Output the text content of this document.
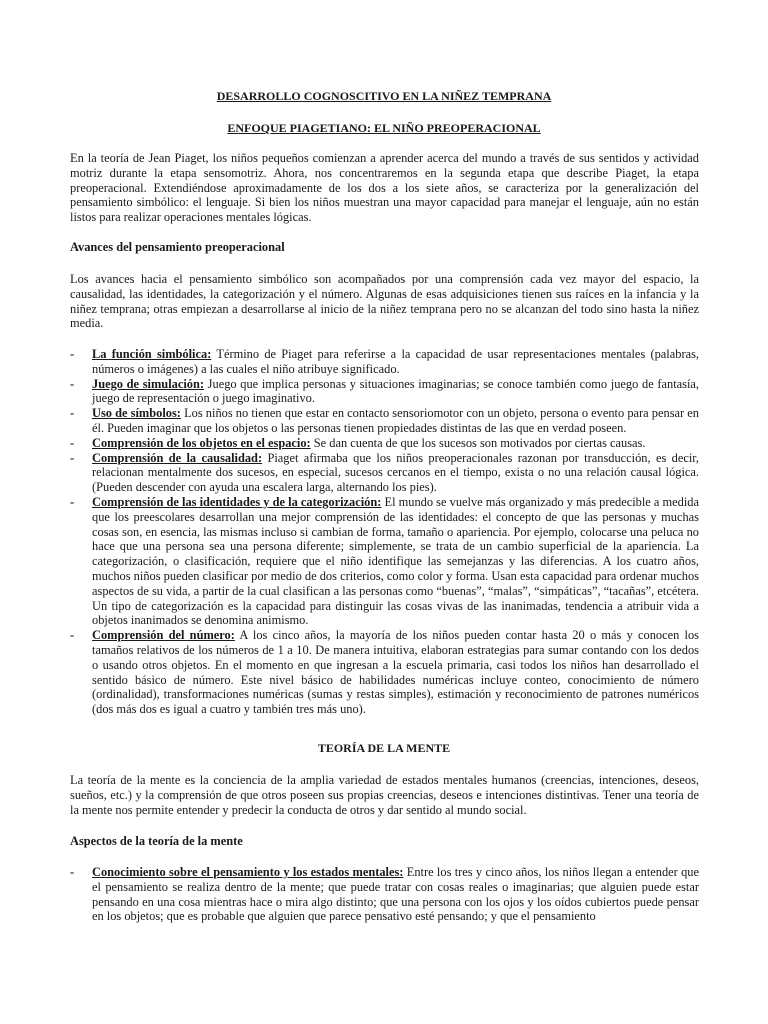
DESARROLLO COGNOSCITIVO EN LA NIÑEZ TEMPRANA
ENFOQUE PIAGETIANO: EL NIÑO PREOPERACIONAL

En la teoría de Jean Piaget, los niños pequeños comienzan a aprender acerca del mundo a través de sus sentidos y actividad motriz durante la etapa sensomotriz. Ahora, nos concentraremos en la segunda etapa que describe Piaget, la etapa preoperacional. Extendiéndose aproximadamente de los dos a los siete años, se caracteriza por la generalización del pensamiento simbólico: el lenguaje. Si bien los niños muestran una mayor capacidad para manejar el lenguaje, aún no están listos para realizar operaciones mentales lógicas.

Avances del pensamiento preoperacional

Los avances hacia el pensamiento simbólico son acompañados por una comprensión cada vez mayor del espacio, la causalidad, las identidades, la categorización y el número. Algunas de esas adquisiciones tienen sus raíces en la infancia y la niñez temprana; otras empiezan a desarrollarse al inicio de la niñez temprana pero no se alcanzan del todo sino hasta la niñez media.

- La función simbólica: Término de Piaget para referirse a la capacidad de usar representaciones mentales (palabras, números o imágenes) a las cuales el niño atribuye significado.
- Juego de simulación: Juego que implica personas y situaciones imaginarias; se conoce también como juego de fantasía, juego de representación o juego imaginativo.
- Uso de símbolos: Los niños no tienen que estar en contacto sensoriomotor con un objeto, persona o evento para pensar en él. Pueden imaginar que los objetos o las personas tienen propiedades distintas de las que en verdad poseen.
- Comprensión de los objetos en el espacio: Se dan cuenta de que los sucesos son motivados por ciertas causas.
- Comprensión de la causalidad: Piaget afirmaba que los niños preoperacionales razonan por transducción, es decir, relacionan mentalmente dos sucesos, en especial, sucesos cercanos en el tiempo, exista o no una relación causal lógica. (Pueden descender con ayuda una escalera larga, alternando los pies).
- Comprensión de las identidades y de la categorización: El mundo se vuelve más organizado y más predecible a medida que los preescolares desarrollan una mejor comprensión de las identidades: el concepto de que las personas y muchas cosas son, en esencia, las mismas incluso si cambian de forma, tamaño o apariencia. Por ejemplo, colocarse una peluca no hace que una persona sea una persona diferente; simplemente, se trata de un cambio superficial de la apariencia. La categorización, o clasificación, requiere que el niño identifique las semejanzas y las diferencias. A los cuatro años, muchos niños pueden clasificar por medio de dos criterios, como color y forma. Usan esta capacidad para ordenar muchos aspectos de su vida, a partir de la cual clasifican a las personas como “buenas”, “malas”, “simpáticas”, “tacañas”, etcétera. Un tipo de categorización es la capacidad para distinguir las cosas vivas de las inanimadas, tendencia a atribuir vida a objetos inanimados se denomina animismo.
- Comprensión del número: A los cinco años, la mayoría de los niños pueden contar hasta 20 o más y conocen los tamaños relativos de los números de 1 a 10. De manera intuitiva, elaboran estrategias para sumar contando con los dedos o usando otros objetos. En el momento en que ingresan a la escuela primaria, casi todos los niños han desarrollado el sentido básico de número. Este nivel básico de habilidades numéricas incluye conteo, conocimiento de número (ordinalidad), transformaciones numéricas (sumas y restas simples), estimación y reconocimiento de patrones numéricos (dos más dos es igual a cuatro y también tres más uno).
TEORÍA DE LA MENTE

La teoría de la mente es la conciencia de la amplia variedad de estados mentales humanos (creencias, intenciones, deseos, sueños, etc.) y la comprensión de que otros poseen sus propias creencias, deseos e intenciones distintivas. Tener una teoría de la mente nos permite entender y predecir la conducta de otros y dar sentido al mundo social.

Aspectos de la teoría de la mente
- Conocimiento sobre el pensamiento y los estados mentales: Entre los tres y cinco años, los niños llegan a entender que el pensamiento se realiza dentro de la mente; que puede tratar con cosas reales o imaginarias; que alguien puede estar pensando en una cosa mientras hace o mira algo distinto; que una persona con los ojos y los oídos cubiertos puede pensar en los objetos; que es probable que alguien que parece pensativo esté pensando; y que el pensamiento
